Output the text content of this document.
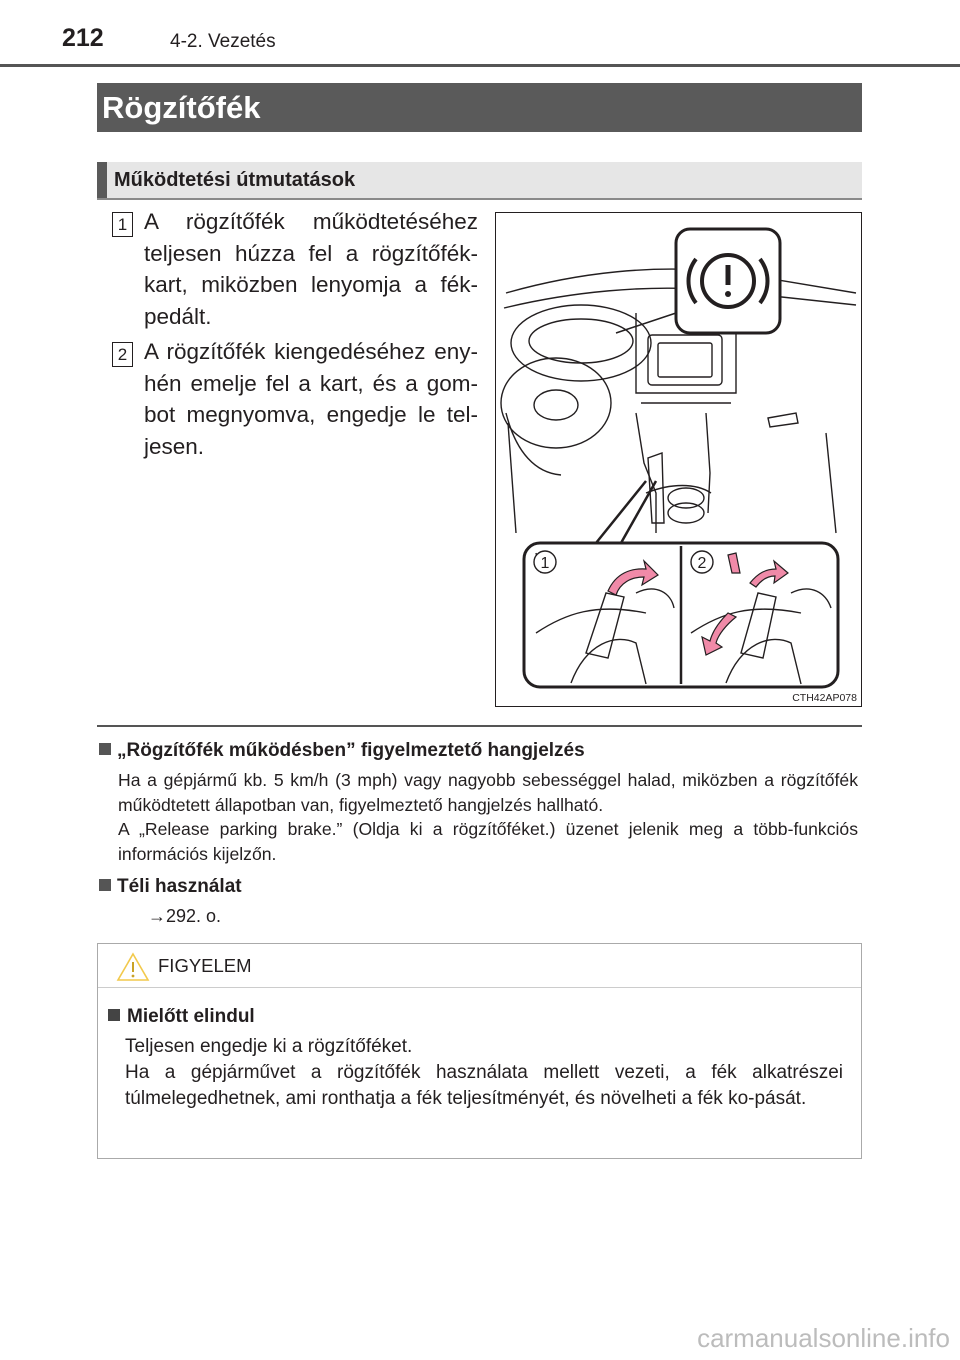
212	4-2. Vezetés
Rögzítőfék
Működtetési útmutatások
1 A rögzítőfék működtetéséhez teljesen húzza fel a rögzítőfék-kart, miközben lenyomja a fék-pedált.
2 A rögzítőfék kiengedéséhez eny-hén emelje fel a kart, és a gom-bot megnyomva, engedje le tel-jesen.
1	2
CTH42AP078
„Rögzítőfék működésben” figyelmeztető hangjelzés
Ha a gépjármű kb. 5 km/h (3 mph) vagy nagyobb sebességgel halad, miközben a rögzítőfék működtetett állapotban van, figyelmeztető hangjelzés hallható.
A „Release parking brake.” (Oldja ki a rögzítőféket.) üzenet jelenik meg a több-funkciós információs kijelzőn.
Téli használat
→292. o.
FIGYELEM
Mielőtt elindul
Teljesen engedje ki a rögzítőféket.
Ha a gépjárművet a rögzítőfék használata mellett vezeti, a fék alkatrészei túlmelegedhetnek, ami ronthatja a fék teljesítményét, és növelheti a fék ko-pását.
carmanualsonline.info
